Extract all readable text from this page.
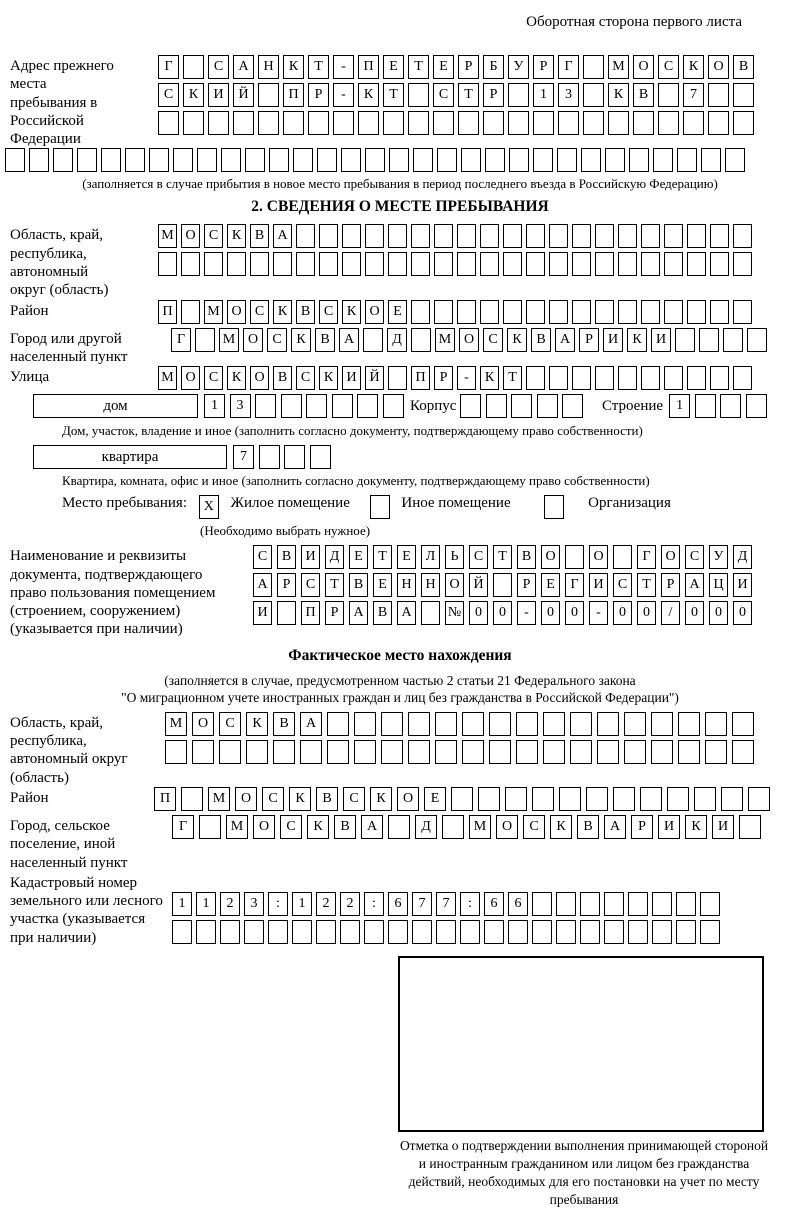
Оборотная сторона первого листа
Адрес прежнего места пребывания в Российской Федерации
Г	С А Н К Т - П Е Т Е Р Б У Р Г	М О С К О В
С К И Й	П Р - К Т	С Т Р	1 3	К В	7
(заполняется в случае прибытия в новое место пребывания в период последнего въезда в Российскую Федерацию)
2. СВЕДЕНИЯ О МЕСТЕ ПРЕБЫВАНИЯ
Область, край, республика, автономный округ (область)
М О С К В А
Район	П М О С К В С К О Е
Город или другой населенный пункт
Г	М О С К В А	Д	М О С К В А Р И К И
Улица	М О С К О В С К И Й	П Р - К Т
дом	1 3	Корпус	Строение 1
Дом, участок, владение и иное (заполнить согласно документу, подтверждающему право собственности)
квартира	7
Квартира, комната, офис и иное (заполнить согласно документу, подтверждающему право собственности)
Место пребывания: X Жилое помещение	Иное помещение	Организация
(Необходимо выбрать нужное)
Наименование и реквизиты документа, подтверждающего право пользования помещением (строением, сооружением) (указывается при наличии)
С В И Д Е Т Е Л Ь С Т В О	О	Г О С У Д
А Р С Т В Е Н Н О Й	Р Е Г И С Т Р А Ц И
И	П Р А В А	№ 0 0 - 0 0 - 0 0 / 0 0 0
Фактическое место нахождения
(заполняется в случае, предусмотренном частью 2 статьи 21 Федерального закона
"О миграционном учете иностранных граждан и лиц без гражданства в Российской Федерации")
Область, край, республика, автономный округ (область)
М О С К В А
Район	П	М О С К В С К О Е
Город, сельское поселение, иной населенный пункт
Г	М О С К В А	Д	М О С К В А Р И К И
Кадастровый номер земельного или лесного участка (указывается при наличии)
1 1 2 3 : 1 2 2 : 6 7 7 : 6 6
Отметка о подтверждении выполнения принимающей стороной и иностранным гражданином или лицом без гражданства действий, необходимых для его постановки на учет по месту пребывания
